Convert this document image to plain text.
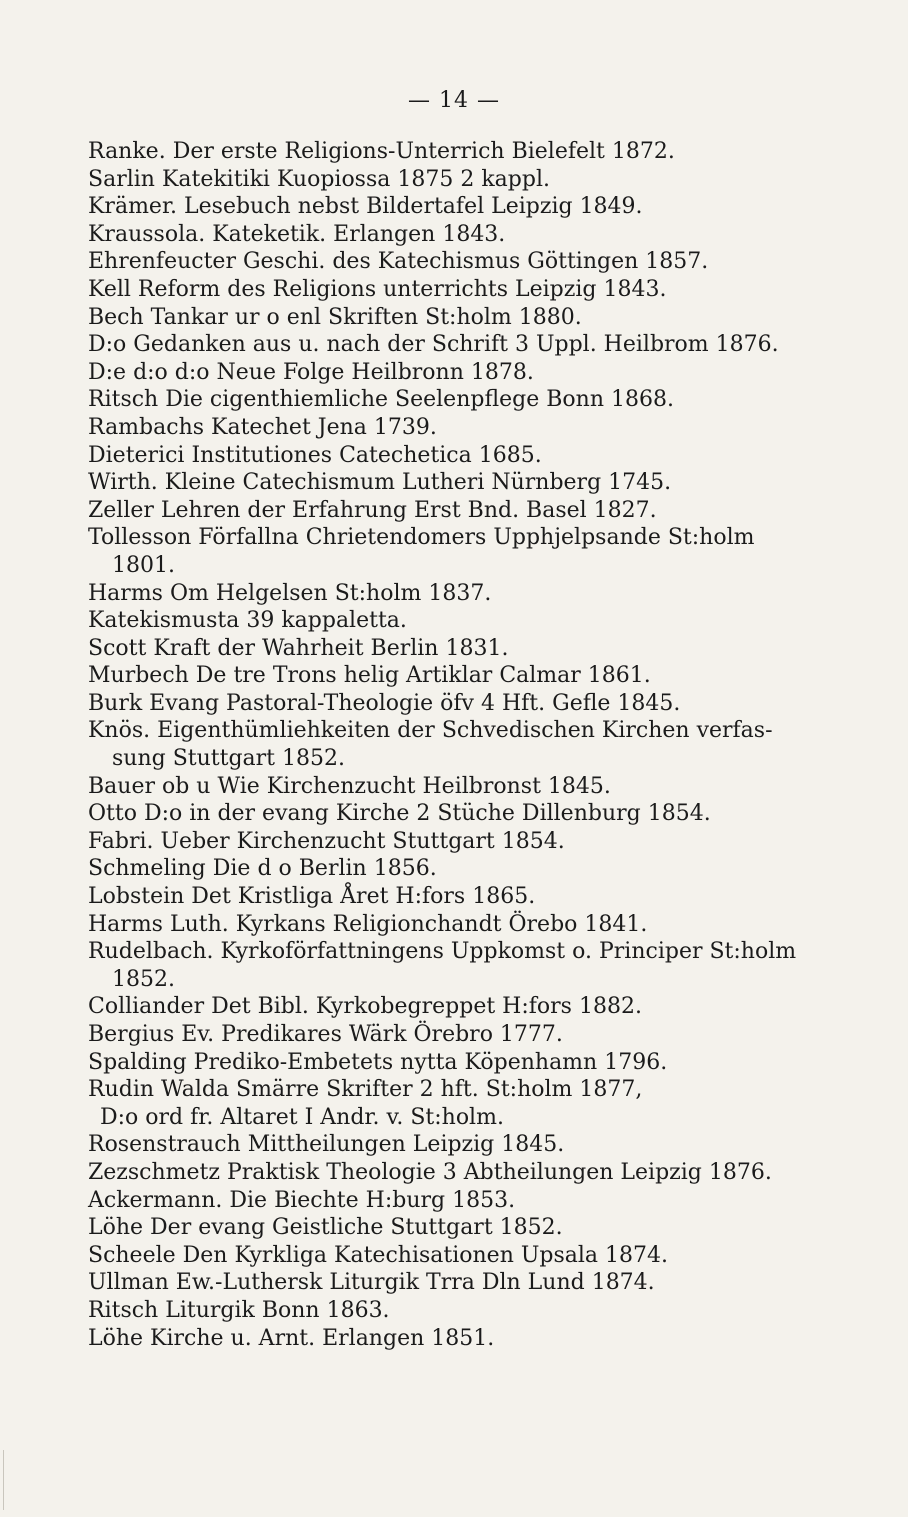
— 14 —
Ranke. Der erste Religions-Unterrich Bielefelt 1872.
Sarlin Katekitiki Kuopiossa 1875 2 kappl.
Krämer. Lesebuch nebst Bildertafel Leipzig 1849.
Kraussola. Kateketik. Erlangen 1843.
Ehrenfeucter Geschi. des Katechismus Göttingen 1857.
Kell Reform des Religions unterrichts Leipzig 1843.
Bech Tankar ur o enl Skriften St:holm 1880.
D:o Gedanken aus u. nach der Schrift 3 Uppl. Heilbrom 1876.
D:e d:o d:o Neue Folge Heilbronn 1878.
Ritsch Die cigenthiemliche Seelenpflege Bonn 1868.
Rambachs Katechet Jena 1739.
Dieterici Institutiones Catechetica 1685.
Wirth. Kleine Catechismum Lutheri Nürnberg 1745.
Zeller Lehren der Erfahrung Erst Bnd. Basel 1827.
Tollesson Förfallna Chrietendomers Upphjelpsande St:holm
1801.
Harms Om Helgelsen St:holm 1837.
Katekismusta 39 kappaletta.
Scott Kraft der Wahrheit Berlin 1831.
Murbech De tre Trons helig Artiklar Calmar 1861.
Burk Evang Pastoral-Theologie öfv 4 Hft. Gefle 1845.
Knös. Eigenthümliehkeiten der Schvedischen Kirchen verfas-
sung Stuttgart 1852.
Bauer ob u Wie Kirchenzucht Heilbronst 1845.
Otto D:o in der evang Kirche 2 Stüche Dillenburg 1854.
Fabri. Ueber Kirchenzucht Stuttgart 1854.
Schmeling Die d o Berlin 1856.
Lobstein Det Kristliga Året H:fors 1865.
Harms Luth. Kyrkans Religionchandt Örebo 1841.
Rudelbach. Kyrkoförfattningens Uppkomst o. Principer St:holm
1852.
Colliander Det Bibl. Kyrkobegreppet H:fors 1882.
Bergius Ev. Predikares Wärk Örebro 1777.
Spalding Prediko-Embetets nytta Köpenhamn 1796.
Rudin Walda Smärre Skrifter 2 hft. St:holm 1877,
D:o ord fr. Altaret I Andr. v. St:holm.
Rosenstrauch Mittheilungen Leipzig 1845.
Zezschmetz Praktisk Theologie 3 Abtheilungen Leipzig 1876.
Ackermann. Die Biechte H:burg 1853.
Löhe Der evang Geistliche Stuttgart 1852.
Scheele Den Kyrkliga Katechisationen Upsala 1874.
Ullman Ew.-Luthersk Liturgik Trra Dln Lund 1874.
Ritsch Liturgik Bonn 1863.
Löhe Kirche u. Arnt. Erlangen 1851.
